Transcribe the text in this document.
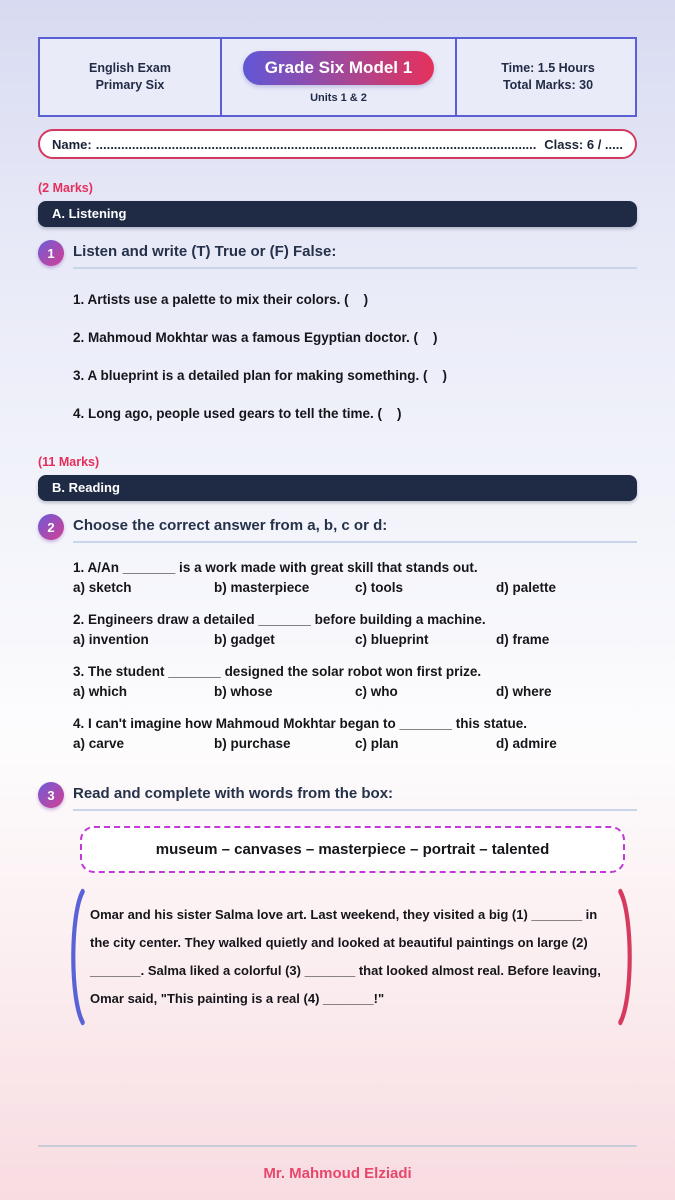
English Exam
Primary Six
Grade Six Model 1
Units 1 & 2
Time: 1.5 Hours
Total Marks: 30
Name: .......................................................................................................................... Class: 6 / .....
(2 Marks)
A. Listening
1	Listen and write (T) True or (F) False:
1. Artists use a palette to mix their colors. (    )
2. Mahmoud Mokhtar was a famous Egyptian doctor. (    )
3. A blueprint is a detailed plan for making something. (    )
4. Long ago, people used gears to tell the time. (    )
(11 Marks)
B. Reading
2	Choose the correct answer from a, b, c or d:
1. A/An _______ is a work made with great skill that stands out.
a) sketch	b) masterpiece	c) tools	d) palette
2. Engineers draw a detailed _______ before building a machine.
a) invention	b) gadget	c) blueprint	d) frame
3. The student _______ designed the solar robot won first prize.
a) which	b) whose	c) who	d) where
4. I can't imagine how Mahmoud Mokhtar began to _______ this statue.
a) carve	b) purchase	c) plan	d) admire
3	Read and complete with words from the box:
museum – canvases – masterpiece – portrait – talented
Omar and his sister Salma love art. Last weekend, they visited a big (1) _______ in the city center. They walked quietly and looked at beautiful paintings on large (2) _______. Salma liked a colorful (3) _______ that looked almost real. Before leaving, Omar said, "This painting is a real (4) _______!"
Mr. Mahmoud Elziadi
